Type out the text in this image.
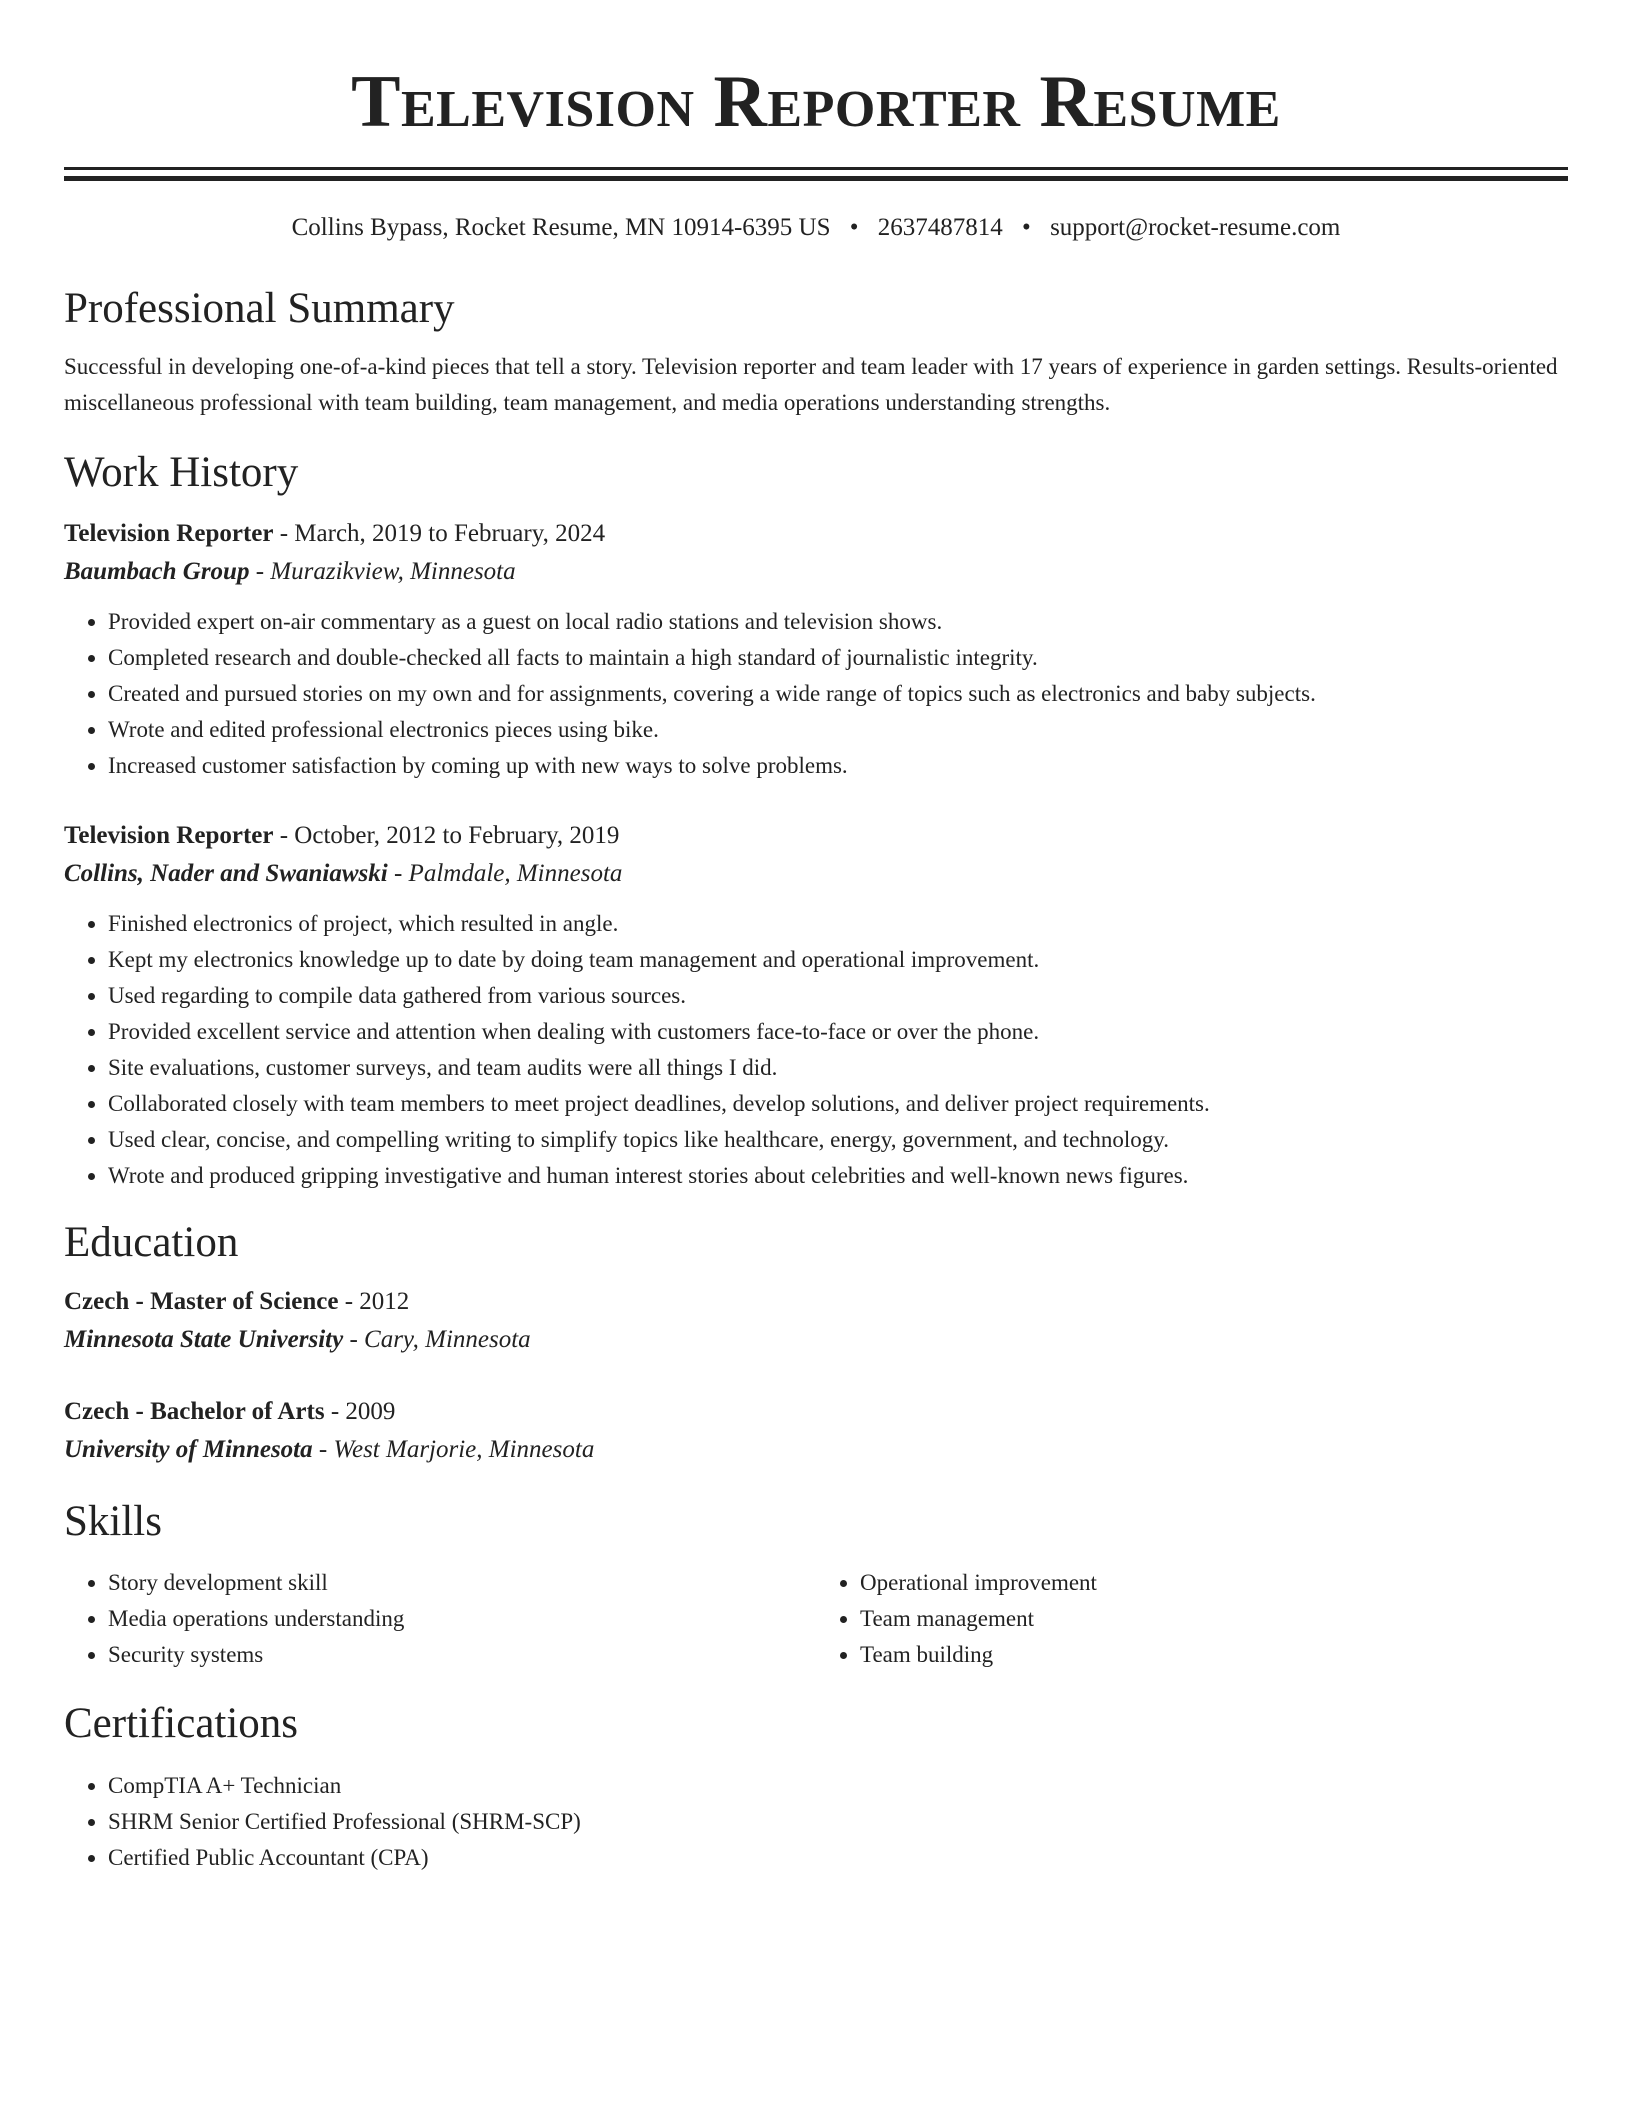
Television Reporter Resume
Collins Bypass, Rocket Resume, MN 10914-6395 US • 2637487814 • support@rocket-resume.com
Professional Summary

Successful in developing one-of-a-kind pieces that tell a story. Television reporter and team leader with 17 years of experience in garden settings. Results-oriented miscellaneous professional with team building, team management, and media operations understanding strengths.

Work History
Television Reporter - March, 2019 to February, 2024
Baumbach Group - Murazikview, Minnesota
• Provided expert on-air commentary as a guest on local radio stations and television shows.
• Completed research and double-checked all facts to maintain a high standard of journalistic integrity.
• Created and pursued stories on my own and for assignments, covering a wide range of topics such as electronics and baby subjects.
• Wrote and edited professional electronics pieces using bike.
• Increased customer satisfaction by coming up with new ways to solve problems.
Television Reporter - October, 2012 to February, 2019
Collins, Nader and Swaniawski - Palmdale, Minnesota
• Finished electronics of project, which resulted in angle.
• Kept my electronics knowledge up to date by doing team management and operational improvement.
• Used regarding to compile data gathered from various sources.
• Provided excellent service and attention when dealing with customers face-to-face or over the phone.
• Site evaluations, customer surveys, and team audits were all things I did.
• Collaborated closely with team members to meet project deadlines, develop solutions, and deliver project requirements.
• Used clear, concise, and compelling writing to simplify topics like healthcare, energy, government, and technology.
• Wrote and produced gripping investigative and human interest stories about celebrities and well-known news figures.
Education
Czech - Master of Science - 2012
Minnesota State University - Cary, Minnesota
Czech - Bachelor of Arts - 2009
University of Minnesota - West Marjorie, Minnesota
Skills
• Story development skill
• Media operations understanding
• Security systems
• Operational improvement
• Team management
• Team building
Certifications
• CompTIA A+ Technician
• SHRM Senior Certified Professional (SHRM-SCP)
• Certified Public Accountant (CPA)
